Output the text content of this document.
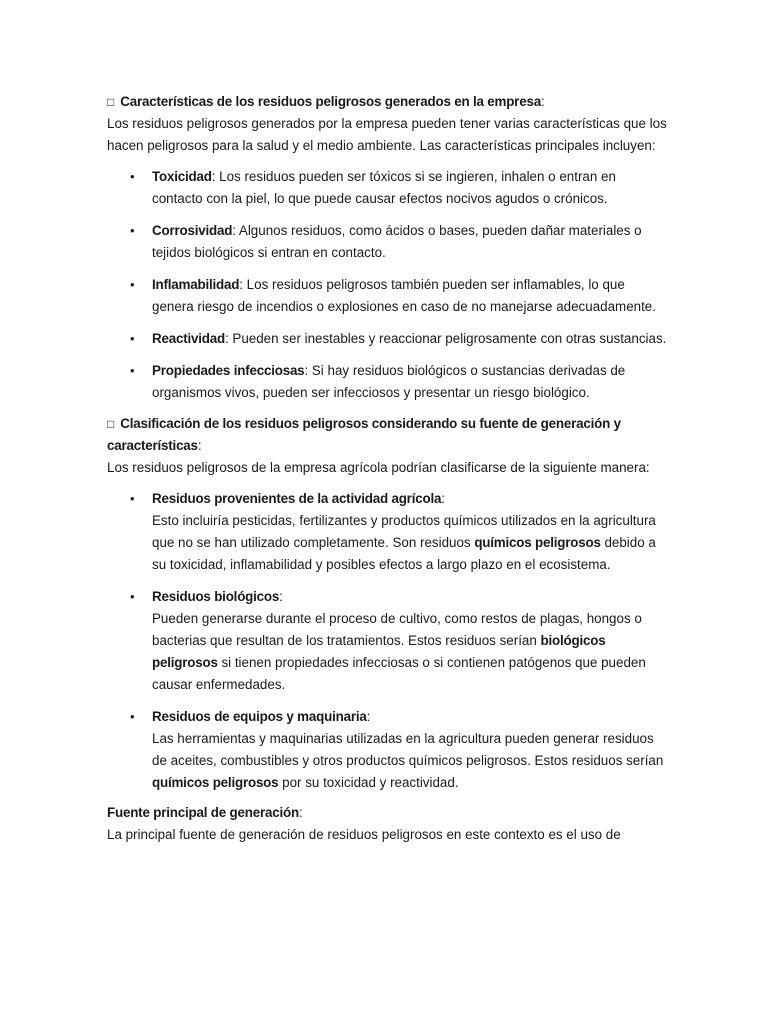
□ Características de los residuos peligrosos generados en la empresa:

Los residuos peligrosos generados por la empresa pueden tener varias características que los hacen peligrosos para la salud y el medio ambiente. Las características principales incluyen:

• Toxicidad: Los residuos pueden ser tóxicos si se ingieren, inhalen o entran en contacto con la piel, lo que puede causar efectos nocivos agudos o crónicos.
• Corrosividad: Algunos residuos, como ácidos o bases, pueden dañar materiales o tejidos biológicos si entran en contacto.
• Inflamabilidad: Los residuos peligrosos también pueden ser inflamables, lo que genera riesgo de incendios o explosiones en caso de no manejarse adecuadamente.
• Reactividad: Pueden ser inestables y reaccionar peligrosamente con otras sustancias.
• Propiedades infecciosas: Si hay residuos biológicos o sustancias derivadas de organismos vivos, pueden ser infecciosos y presentar un riesgo biológico.

□ Clasificación de los residuos peligrosos considerando su fuente de generación y características:

Los residuos peligrosos de la empresa agrícola podrían clasificarse de la siguiente manera:

• Residuos provenientes de la actividad agrícola:
Esto incluiría pesticidas, fertilizantes y productos químicos utilizados en la agricultura que no se han utilizado completamente. Son residuos químicos peligrosos debido a su toxicidad, inflamabilidad y posibles efectos a largo plazo en el ecosistema.
• Residuos biológicos:
Pueden generarse durante el proceso de cultivo, como restos de plagas, hongos o bacterias que resultan de los tratamientos. Estos residuos serían biológicos peligrosos si tienen propiedades infecciosas o si contienen patógenos que pueden causar enfermedades.
• Residuos de equipos y maquinaria:
Las herramientas y maquinarias utilizadas en la agricultura pueden generar residuos de aceites, combustibles y otros productos químicos peligrosos. Estos residuos serían químicos peligrosos por su toxicidad y reactividad.

Fuente principal de generación:

La principal fuente de generación de residuos peligrosos en este contexto es el uso de
